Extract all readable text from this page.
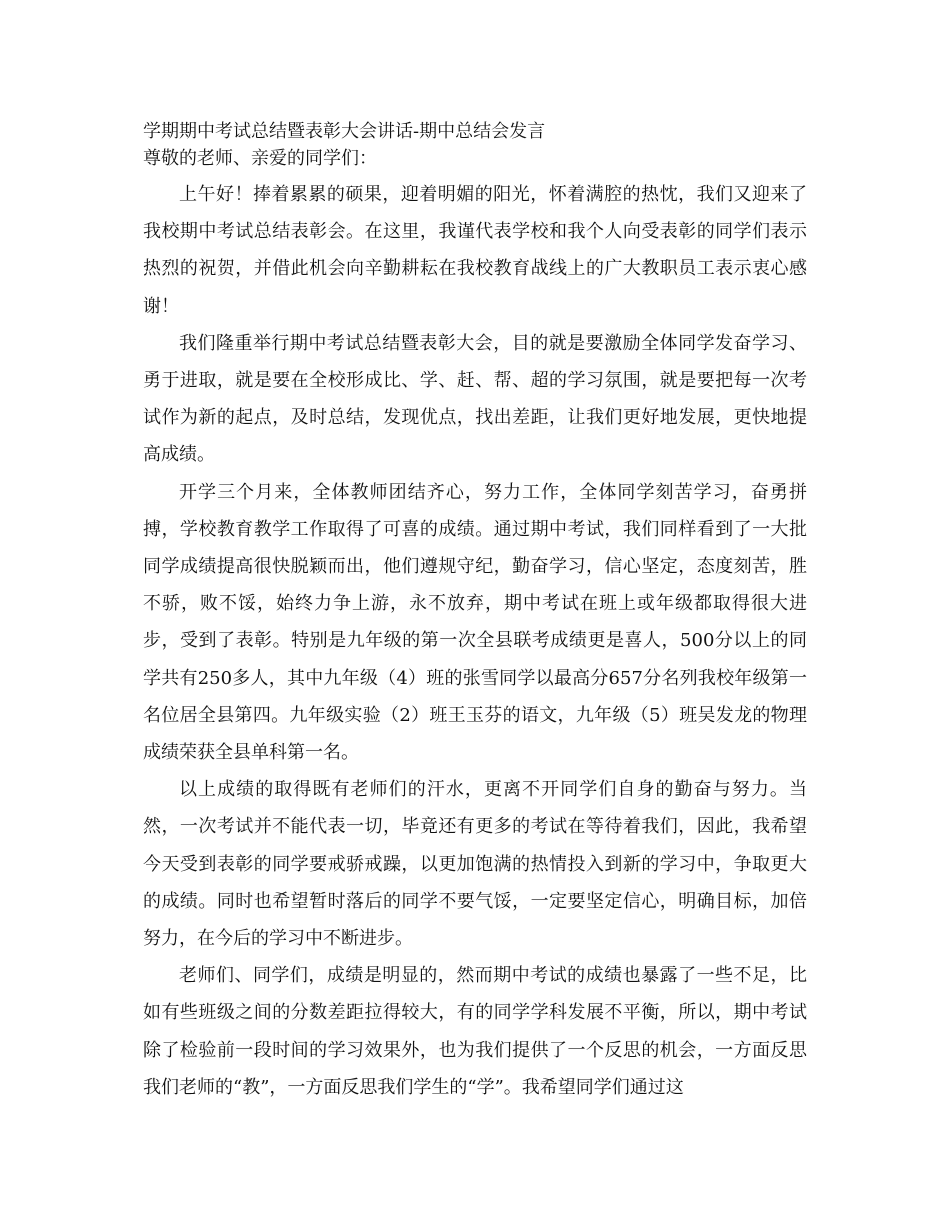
学期期中考试总结暨表彰大会讲话-期中总结会发言

尊敬的老师、亲爱的同学们：

上午好！捧着累累的硕果，迎着明媚的阳光，怀着满腔的热忱，我们又迎来了我校期中考试总结表彰会。在这里，我谨代表学校和我个人向受表彰的同学们表示热烈的祝贺，并借此机会向辛勤耕耘在我校教育战线上的广大教职员工表示衷心感谢！

我们隆重举行期中考试总结暨表彰大会，目的就是要激励全体同学发奋学习、勇于进取，就是要在全校形成比、学、赶、帮、超的学习氛围，就是要把每一次考试作为新的起点，及时总结，发现优点，找出差距，让我们更好地发展，更快地提高成绩。

开学三个月来，全体教师团结齐心，努力工作，全体同学刻苦学习，奋勇拼搏，学校教育教学工作取得了可喜的成绩。通过期中考试，我们同样看到了一大批同学成绩提高很快脱颖而出，他们遵规守纪，勤奋学习，信心坚定，态度刻苦，胜不骄，败不馁，始终力争上游，永不放弃，期中考试在班上或年级都取得很大进步，受到了表彰。特别是九年级的第一次全县联考成绩更是喜人，500分以上的同学共有250多人，其中九年级（4）班的张雪同学以最高分657分名列我校年级第一名位居全县第四。九年级实验（2）班王玉芬的语文，九年级（5）班吴发龙的物理成绩荣获全县单科第一名。

以上成绩的取得既有老师们的汗水，更离不开同学们自身的勤奋与努力。当然，一次考试并不能代表一切，毕竟还有更多的考试在等待着我们，因此，我希望今天受到表彰的同学要戒骄戒躁，以更加饱满的热情投入到新的学习中，争取更大的成绩。同时也希望暂时落后的同学不要气馁，一定要坚定信心，明确目标，加倍努力，在今后的学习中不断进步。

老师们、同学们，成绩是明显的，然而期中考试的成绩也暴露了一些不足，比如有些班级之间的分数差距拉得较大，有的同学学科发展不平衡，所以，期中考试除了检验前一段时间的学习效果外，也为我们提供了一个反思的机会，一方面反思我们老师的“教”，一方面反思我们学生的“学”。我希望同学们通过这
